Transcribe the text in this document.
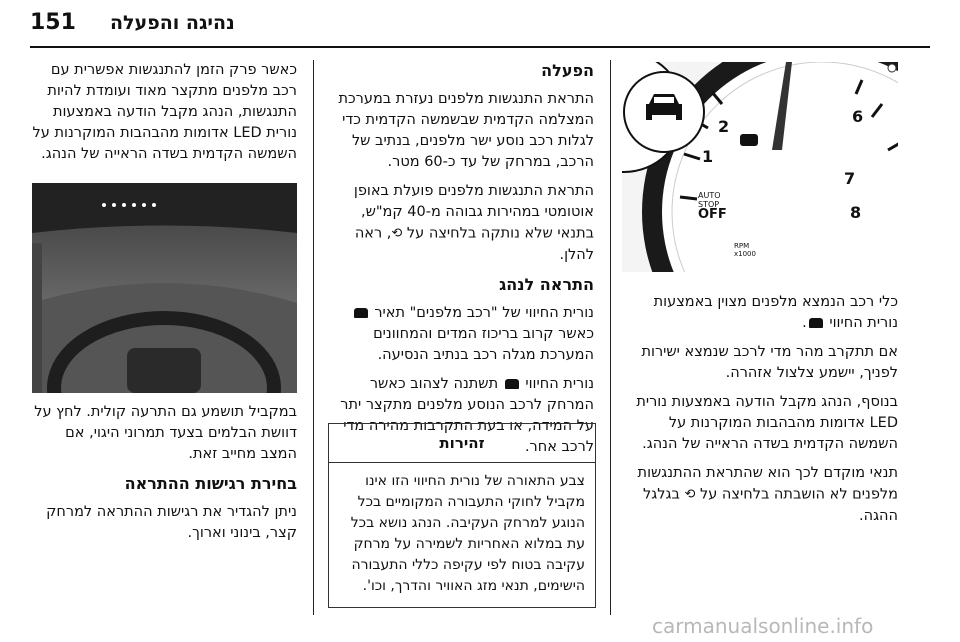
151 נהיגה והפעלה
1
2
6
7
8
AUTO
STOP
OFF
RPM
x1000

כלי רכב הנמצא מלפנים מצוין באמצעות נורית החיווי .

אם תתקרב מהר מדי לרכב שנמצא ישירות לפניך, יישמע צלצול אזהרה.

בנוסף, הנהג מקבל הודעה באמצעות נורית LED אדומות מהבהבות המוקרנות על השמשה הקדמית בשדה הראייה של הנהג.

תנאי מוקדם לכך הוא שהתראת ההתנגשות מלפנים לא הושבתה בלחיצה על ⟲ בגלגל ההגה.

הפעלה

התראת התנגשות מלפנים נעזרת במערכת המצלמה הקדמית שבשמשה הקדמית כדי לגלות רכב נוסע ישר מלפנים, בנתיב של הרכב, במרחק של עד כ-60 מטר.

התראת התנגשות מלפנים פועלת באופן אוטומטי במהירות גבוהה מ-40 קמ"ש, בתנאי שלא נותקה בלחיצה על ⟲, ראה להלן.

התראה לנהג

נורית החיווי של "רכב מלפנים" תאיר  כאשר קרוב בריכוז המדים והמחוונים המערכת מגלה רכב בנתיב הנסיעה.

נורית החיווי  תשתנה לצהוב כאשר המרחק לרכב הנוסע מלפנים מתקצר יתר על המידה, או בעת התקרבות מהירה מדי לרכב אחר.

זהירות
צבע התאורה של נורית החיווי הזו אינו מקביל לחוקי התעבורה המקומיים בכל הנוגע למרחק העקיבה. הנהג נושא בכל עת במלוא האחריות לשמירה על מרחק עקיבה בטוח לפי עקיפה כללי התעבורה הישימים, תנאי מזג האוויר והדרך, וכו'.

כאשר פרק הזמן להתנגשות אפשרית עם רכב מלפנים מתקצר מאוד ועומדת להיות התנגשות, הנהג מקבל הודעה באמצעות נורית LED אדומות מהבהבות המוקרנות על השמשה הקדמית בשדה הראייה של הנהג.

במקביל תושמע גם התרעה קולית. לחץ על דוושת הבלמים בצעד תמרוני היגוי, אם המצב מחייב זאת.

בחירת רגישות ההתראה

ניתן להגדיר את רגישות ההתראה למרחק קצר, בינוני וארוך.

carmanualsonline.info
